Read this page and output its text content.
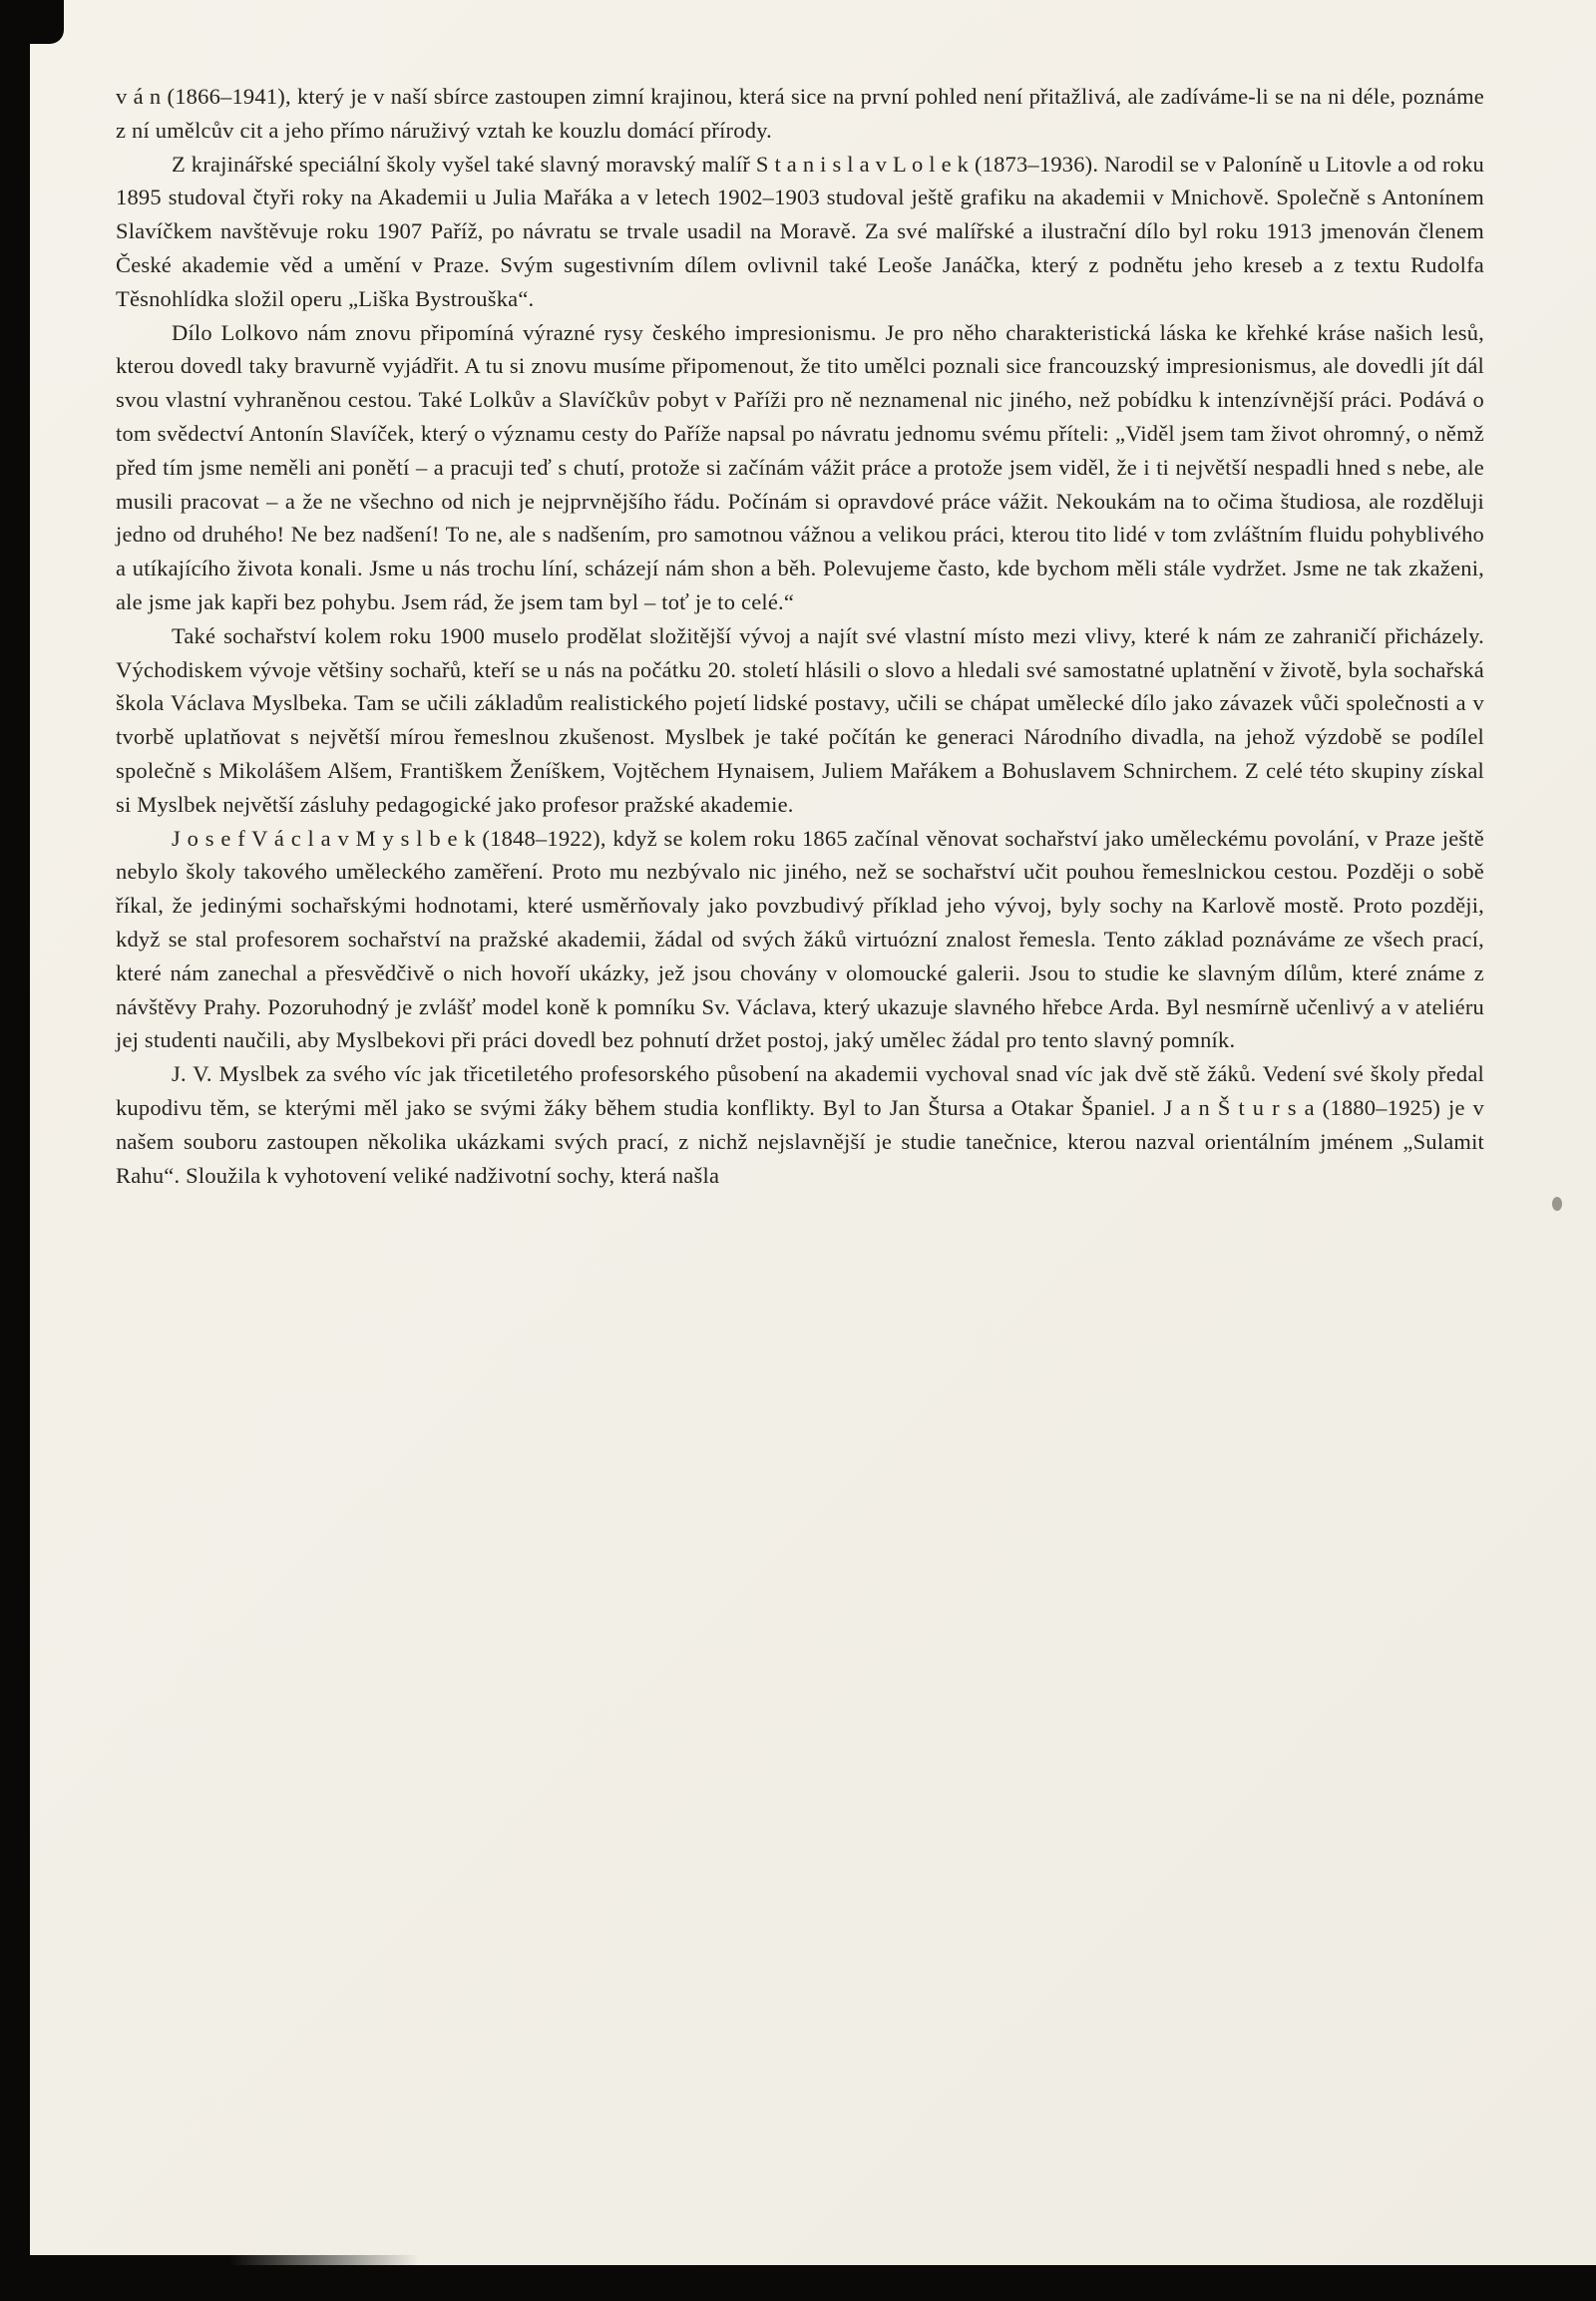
v á n (1866–1941), který je v naší sbírce zastoupen zimní krajinou, která sice na první pohled není přitažlivá, ale zadíváme-li se na ni déle, poznáme z ní umělcův cit a jeho přímo náruživý vztah ke kouzlu domácí přírody.

Z krajinářské speciální školy vyšel také slavný moravský malíř S t a n i s l a v L o l e k (1873–1936). Narodil se v Paloníně u Litovle a od roku 1895 studoval čtyři roky na Akademii u Julia Mařáka a v letech 1902–1903 studoval ještě grafiku na akademii v Mnichově. Společně s Antonínem Slavíčkem navštěvuje roku 1907 Paříž, po návratu se trvale usadil na Moravě. Za své malířské a ilustrační dílo byl roku 1913 jmenován členem České akademie věd a umění v Praze. Svým sugestivním dílem ovlivnil také Leoše Janáčka, který z podnětu jeho kreseb a z textu Rudolfa Těsnohlídka složil operu „Liška Bystrouška“.

Dílo Lolkovo nám znovu připomíná výrazné rysy českého impresionismu. Je pro něho charakteristická láska ke křehké kráse našich lesů, kterou dovedl taky bravurně vyjádřit. A tu si znovu musíme připomenout, že tito umělci poznali sice francouzský impresionismus, ale dovedli jít dál svou vlastní vyhraněnou cestou. Také Lolkův a Slavíčkův pobyt v Paříži pro ně neznamenal nic jiného, než pobídku k intenzívnější práci. Podává o tom svědectví Antonín Slavíček, který o významu cesty do Paříže napsal po návratu jednomu svému příteli: „Viděl jsem tam život ohromný, o němž před tím jsme neměli ani ponětí – a pracuji teď s chutí, protože si začínám vážit práce a protože jsem viděl, že i ti největší nespadli hned s nebe, ale musili pracovat – a že ne všechno od nich je nejprvnějšího řádu. Počínám si opravdové práce vážit. Nekoukám na to očima študiosa, ale rozděluji jedno od druhého! Ne bez nadšení! To ne, ale s nadšením, pro samotnou vážnou a velikou práci, kterou tito lidé v tom zvláštním fluidu pohyblivého a utíkajícího života konali. Jsme u nás trochu líní, scházejí nám shon a běh. Polevujeme často, kde bychom měli stále vydržet. Jsme ne tak zkaženi, ale jsme jak kapři bez pohybu. Jsem rád, že jsem tam byl – toť je to celé.“

Také sochařství kolem roku 1900 muselo prodělat složitější vývoj a najít své vlastní místo mezi vlivy, které k nám ze zahraničí přicházely. Východiskem vývoje většiny sochařů, kteří se u nás na počátku 20. století hlásili o slovo a hledali své samostatné uplatnění v životě, byla sochařská škola Václava Myslbeka. Tam se učili základům realistického pojetí lidské postavy, učili se chápat umělecké dílo jako závazek vůči společnosti a v tvorbě uplatňovat s největší mírou řemeslnou zkušenost. Myslbek je také počítán ke generaci Národního divadla, na jehož výzdobě se podílel společně s Mikolášem Alšem, Františkem Ženíškem, Vojtěchem Hynaisem, Juliem Mařákem a Bohuslavem Schnirchem. Z celé této skupiny získal si Myslbek největší zásluhy pedagogické jako profesor pražské akademie.

J o s e f V á c l a v M y s l b e k (1848–1922), když se kolem roku 1865 začínal věnovat sochařství jako uměleckému povolání, v Praze ještě nebylo školy takového uměleckého zaměření. Proto mu nezbývalo nic jiného, než se sochařství učit pouhou řemeslnickou cestou. Později o sobě říkal, že jedinými sochařskými hodnotami, které usměrňovaly jako povzbudivý příklad jeho vývoj, byly sochy na Karlově mostě. Proto později, když se stal profesorem sochařství na pražské akademii, žádal od svých žáků virtuózní znalost řemesla. Tento základ poznáváme ze všech prací, které nám zanechal a přesvědčivě o nich hovoří ukázky, jež jsou chovány v olomoucké galerii. Jsou to studie ke slavným dílům, které známe z návštěvy Prahy. Pozoruhodný je zvlášť model koně k pomníku Sv. Václava, který ukazuje slavného hřebce Arda. Byl nesmírně učenlivý a v ateliéru jej studenti naučili, aby Myslbekovi při práci dovedl bez pohnutí držet postoj, jaký umělec žádal pro tento slavný pomník.

J. V. Myslbek za svého víc jak třicetiletého profesorského působení na akademii vychoval snad víc jak dvě stě žáků. Vedení své školy předal kupodivu těm, se kterými měl jako se svými žáky během studia konflikty. Byl to Jan Štursa a Otakar Španiel. J a n Š t u r s a (1880–1925) je v našem souboru zastoupen několika ukázkami svých prací, z nichž nejslavnější je studie tanečnice, kterou nazval orientálním jménem „Sulamit Rahu“. Sloužila k vyhotovení veliké nadživotní sochy, která našla
